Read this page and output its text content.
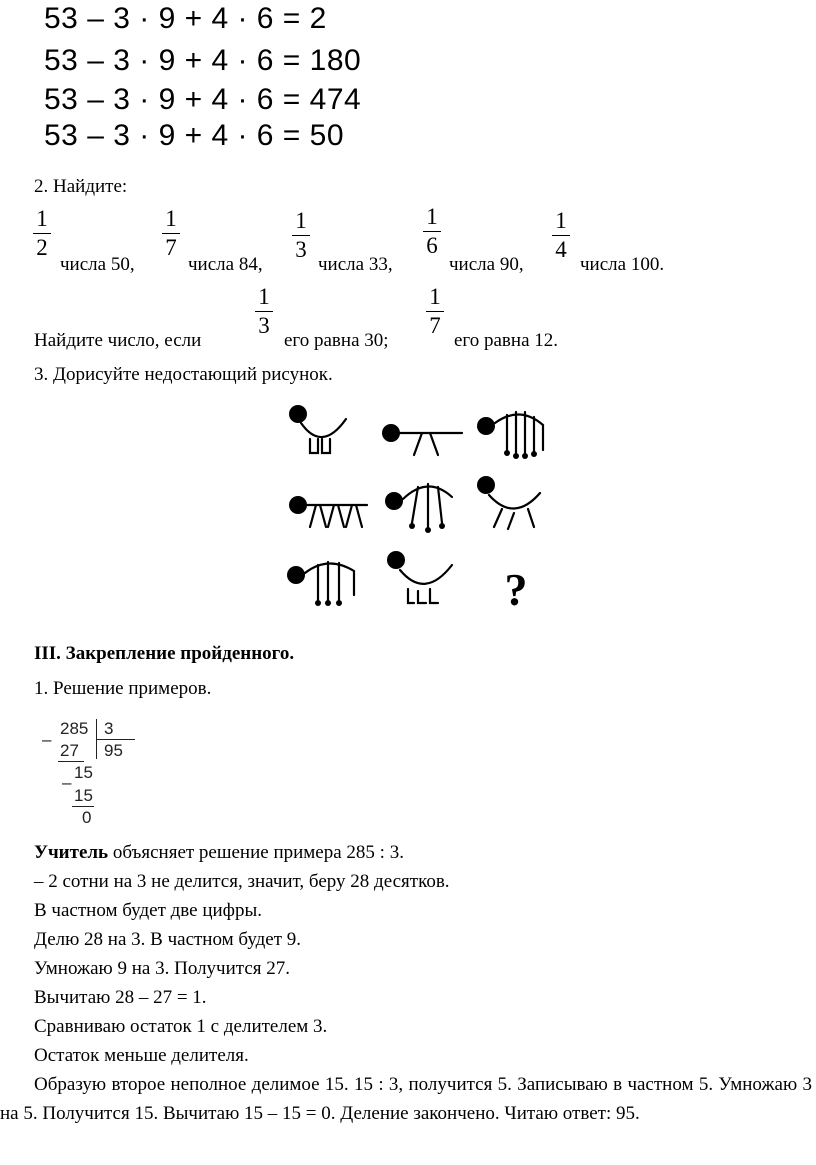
53 – 3 · 9 + 4 · 6 = 2
53 – 3 · 9 + 4 · 6 = 180
53 – 3 · 9 + 4 · 6 = 474
53 – 3 · 9 + 4 · 6 = 50
2. Найдите:
1
2
числа 50,
1
7
числа 84,
1
3
числа 33,
1
6
числа 90,
1
4
числа 100.
Найдите число, если
1
3
его равна 30;
1
7
его равна 12.
3. Дорисуйте недостающий рисунок.
?
III. Закрепление пройденного.
1. Решение примеров.
–
285 3
95
27
–
15
15
0
Учитель объясняет решение примера 285 : 3.
– 2 сотни на 3 не делится, значит, беру 28 десятков.
В частном будет две цифры.
Делю 28 на 3. В частном будет 9.
Умножаю 9 на 3. Получится 27.
Вычитаю 28 – 27 = 1.
Сравниваю остаток 1 с делителем 3.
Остаток меньше делителя.
Образую второе неполное делимое 15. 15 : 3, получится 5. Записываю в частном 5. Умножаю 3 на 5. Получится 15. Вычитаю 15 – 15 = 0. Деление закончено. Читаю ответ: 95.
